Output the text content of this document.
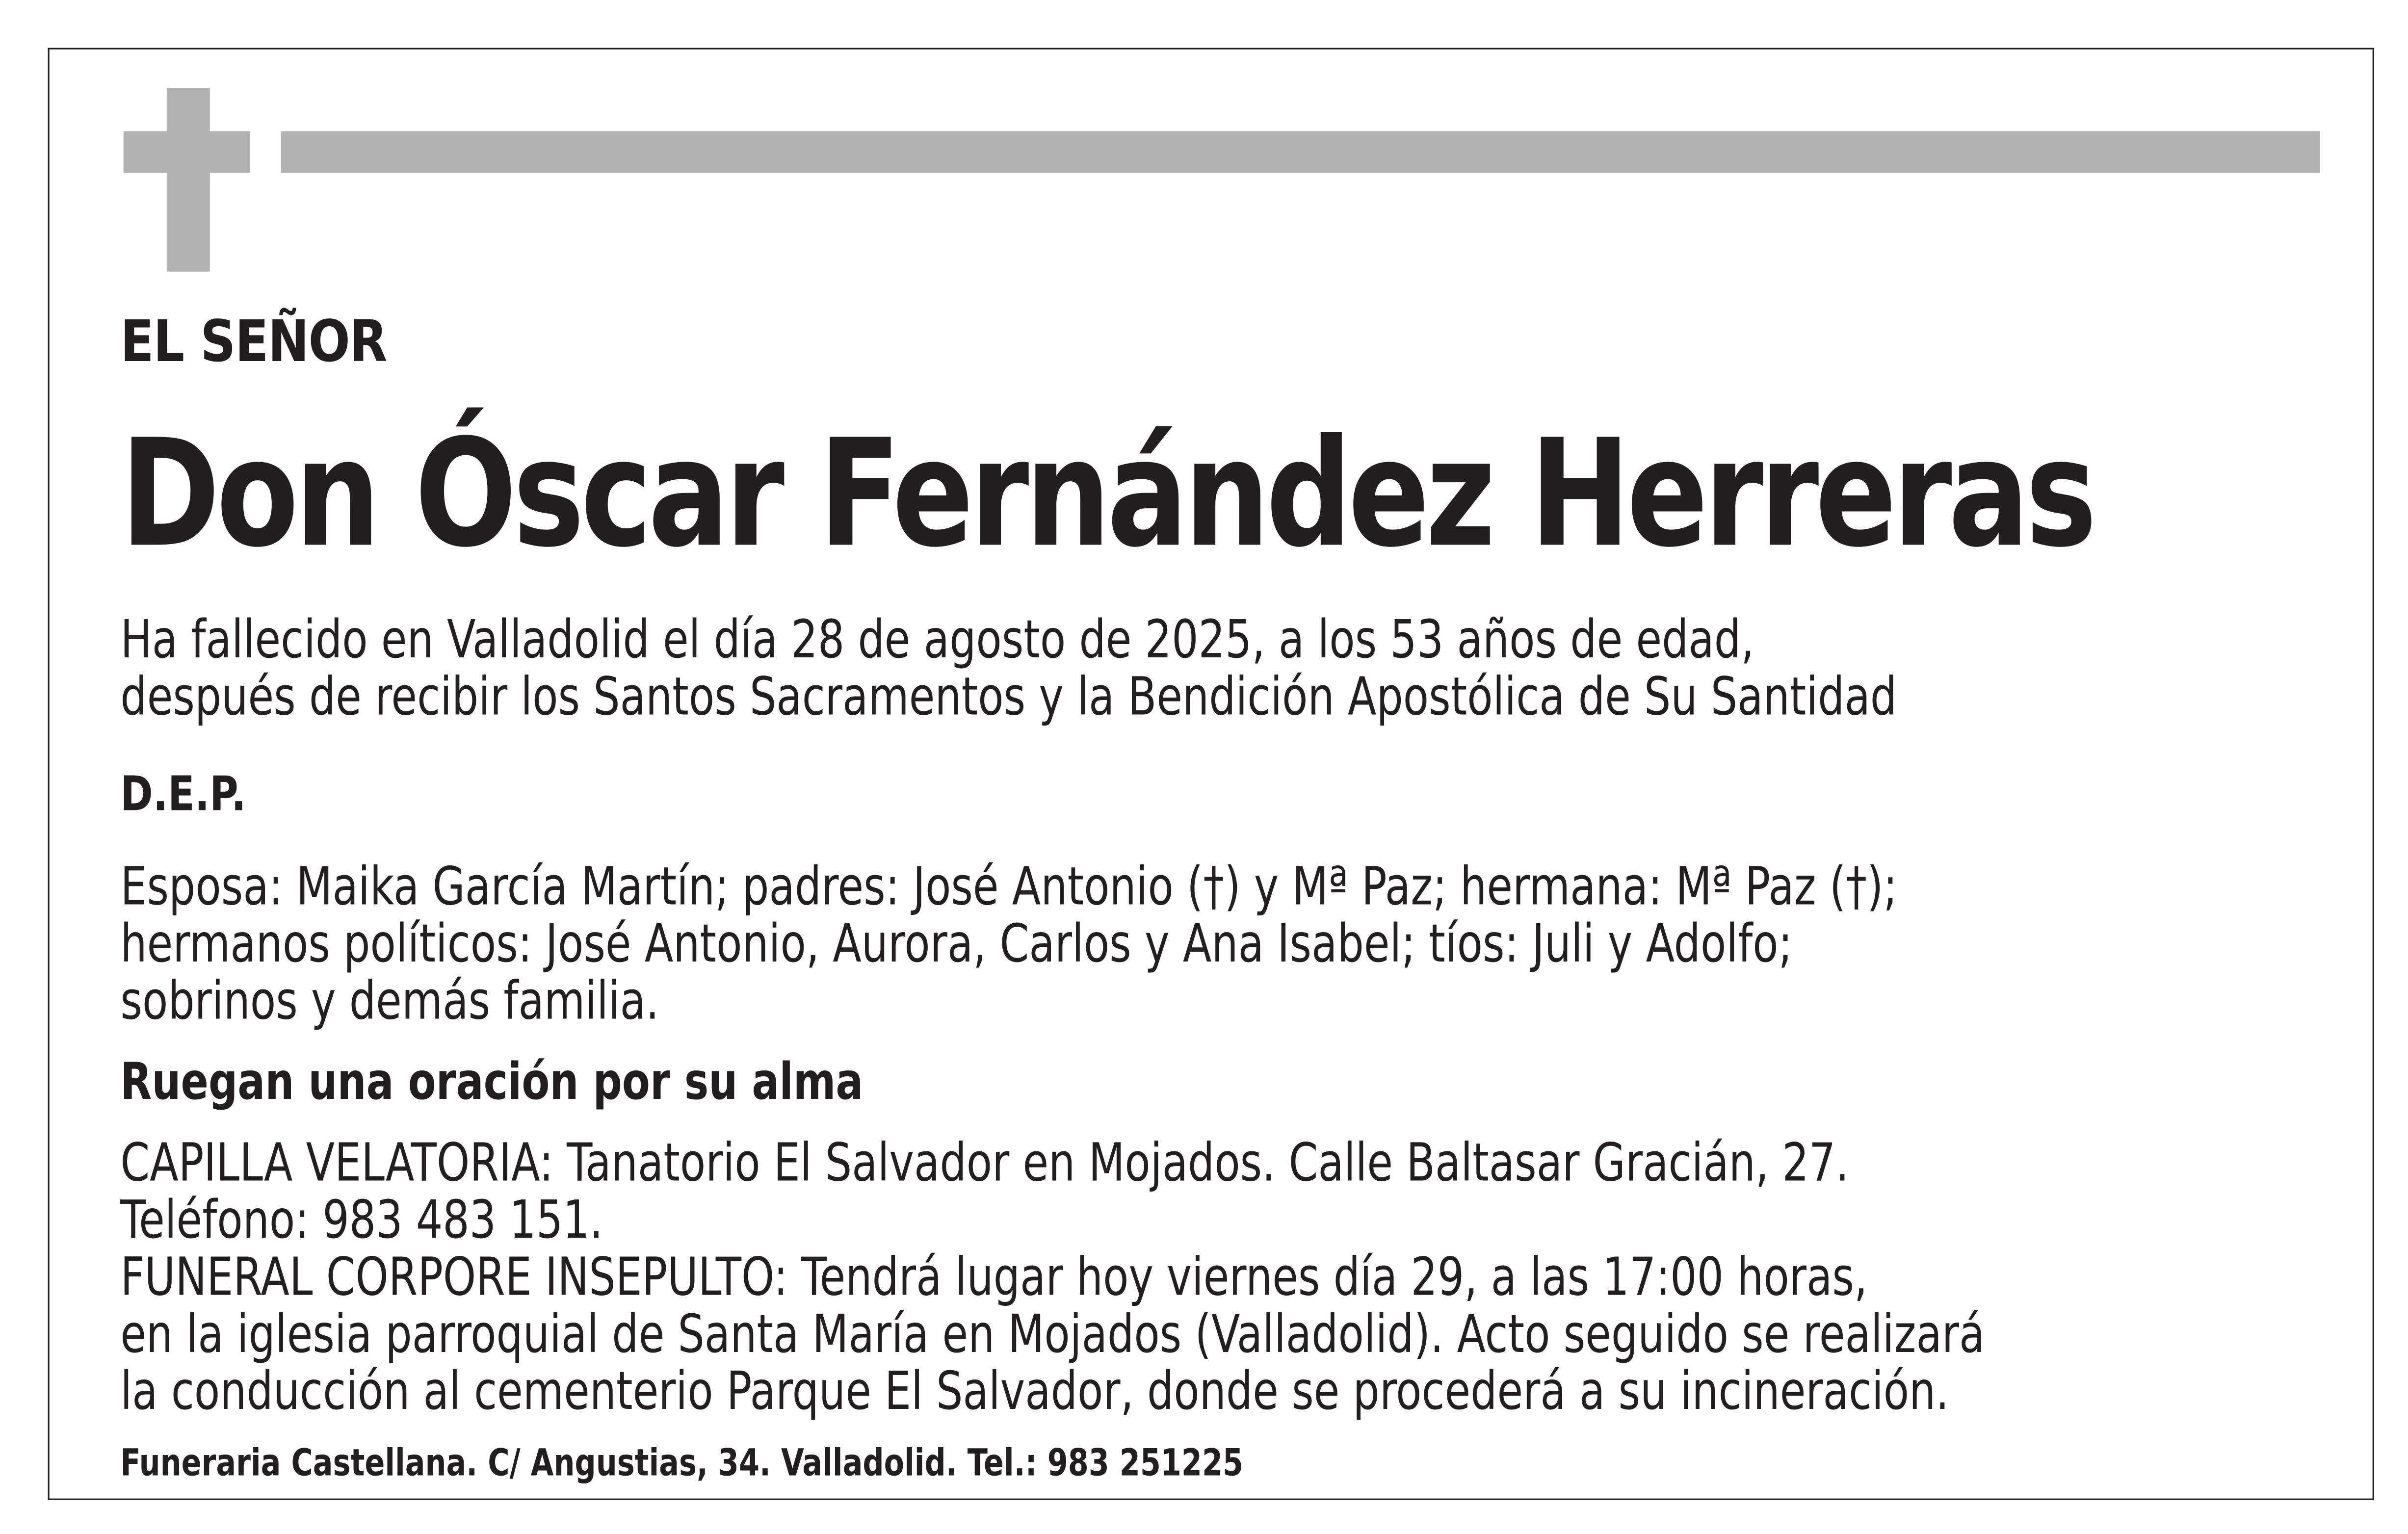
EL SEÑOR
Don Óscar Fernández Herreras
Ha fallecido en Valladolid el día 28 de agosto de 2025, a los 53 años de edad,
después de recibir los Santos Sacramentos y la Bendición Apostólica de Su Santidad
D.E.P.
Esposa: Maika García Martín; padres: José Antonio (†) y Mª Paz; hermana: Mª Paz (†);
hermanos políticos: José Antonio, Aurora, Carlos y Ana Isabel; tíos: Juli y Adolfo;
sobrinos y demás familia.
Ruegan una oración por su alma
CAPILLA VELATORIA: Tanatorio El Salvador en Mojados. Calle Baltasar Gracián, 27.
Teléfono: 983 483 151.
FUNERAL CORPORE INSEPULTO: Tendrá lugar hoy viernes día 29, a las 17:00 horas,
en la iglesia parroquial de Santa María en Mojados (Valladolid). Acto seguido se realizará
la conducción al cementerio Parque El Salvador, donde se procederá a su incineración.
Funeraria Castellana. C/ Angustias, 34. Valladolid. Tel.: 983 251225
